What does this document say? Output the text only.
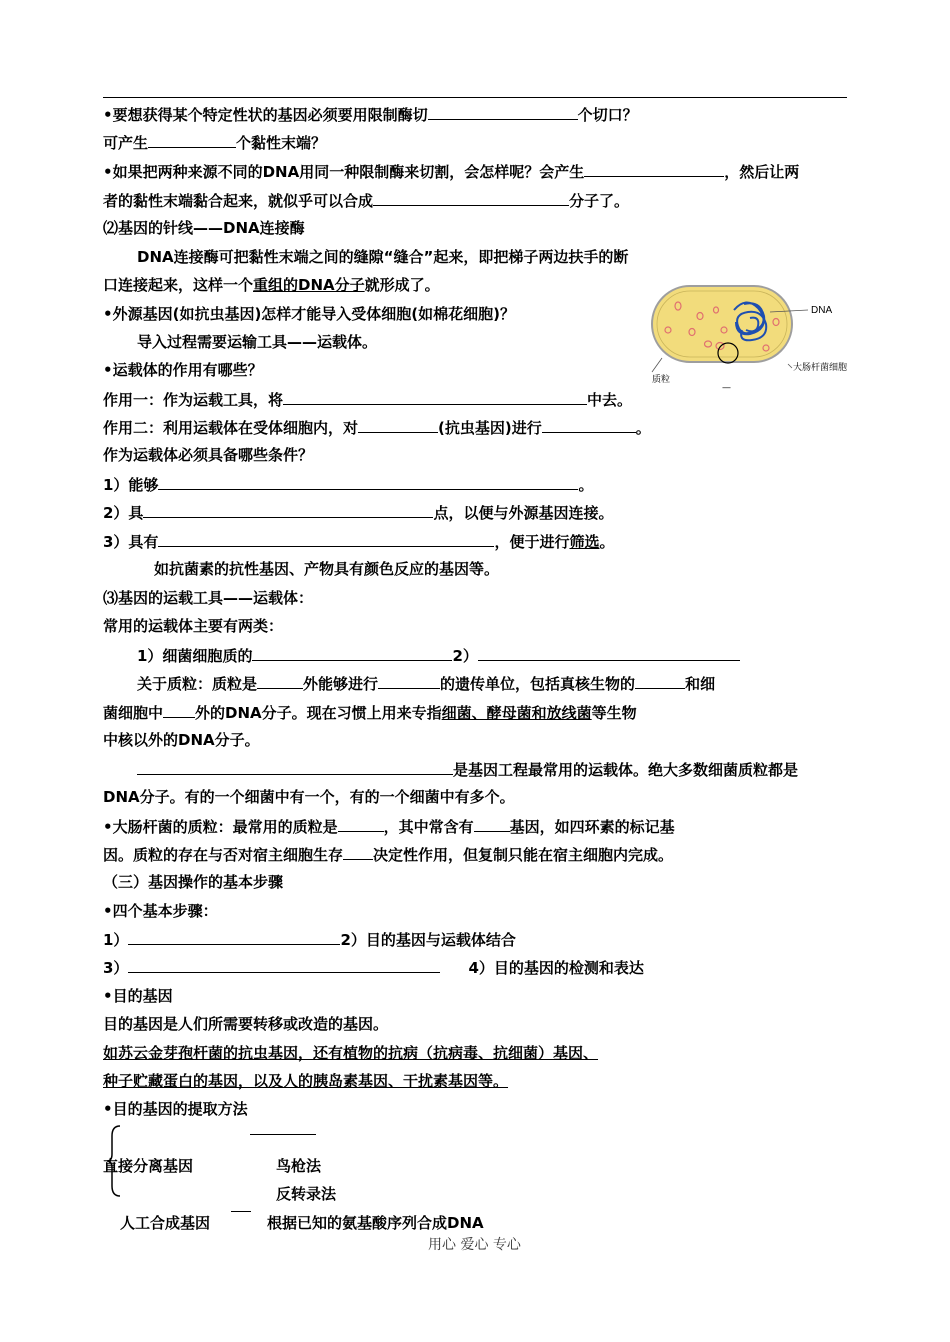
•要想获得某个特定性状的基因必须要用限制酶切	个切口？
可产生	个黏性末端？
•如果把两种来源不同的DNA用同一种限制酶来切割，会怎样呢？会产生	，然后让两
者的黏性末端黏合起来，就似乎可以合成	分子了。
⑵基因的针线——DNA连接酶
DNA连接酶可把黏性末端之间的缝隙“缝合”起来，即把梯子两边扶手的断
口连接起来，这样一个重组的DNA分子就形成了。
•外源基因(如抗虫基因)怎样才能导入受体细胞(如棉花细胞)？
导入过程需要运输工具——运载体。
•运载体的作用有哪些？
作用一：作为运载工具，将	中去。
作用二：利用运载体在受体细胞内，对	(抗虫基因)进行	。
作为运载体必须具备哪些条件？
1）能够	。
2）具	点，以便与外源基因连接。
3）具有	，便于进行筛选。
如抗菌素的抗性基因、产物具有颜色反应的基因等。
⑶基因的运载工具——运载体：
常用的运载体主要有两类：
1）细菌细胞质的	2）
关于质粒：质粒是	外能够进行	的遗传单位，包括真核生物的	和细
菌细胞中 外的DNA分子。现在习惯上用来专指细菌、酵母菌和放线菌等生物
中核以外的DNA分子。
是基因工程最常用的运载体。绝大多数细菌质粒都是
DNA分子。有的一个细菌中有一个，有的一个细菌中有多个。
•大肠杆菌的质粒：最常用的质粒是	，其中常含有 基因，如四环素的标记基
因。质粒的存在与否对宿主细胞生存 决定性作用，但复制只能在宿主细胞内完成。
（三）基因操作的基本步骤
•四个基本步骤：
1）	2）目的基因与运载体结合
3）	4）目的基因的检测和表达
•目的基因
目的基因是人们所需要转移或改造的基因。
如苏云金芽孢杆菌的抗虫基因，还有植物的抗病（抗病毒、抗细菌）基因、
种子贮藏蛋白的基因，以及人的胰岛素基因、干扰素基因等。
•目的基因的提取方法
直接分离基因	鸟枪法
反转录法
人工合成基因	根据已知的氨基酸序列合成DNA
用心 爱心 专心
DNA
大肠杆菌细胞
质粒
—
